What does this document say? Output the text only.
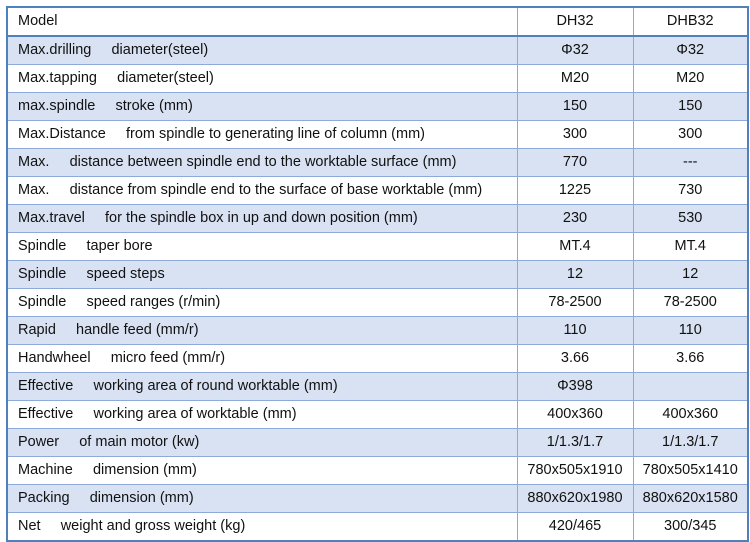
Model	DH32	DHB32
Max.drilling     diameter(steel)	Φ32	Φ32
Max.tapping     diameter(steel)	M20	M20
max.spindle     stroke (mm)	150	150
Max.Distance     from spindle to generating line of column (mm)	300	300
Max.     distance between spindle end to the worktable surface (mm)	770	---
Max.     distance from spindle end to the surface of base worktable (mm)	1225	730
Max.travel     for the spindle box in up and down position (mm)	230	530
Spindle     taper bore	MT.4	MT.4
Spindle     speed steps	12	12
Spindle     speed ranges (r/min)	78-2500	78-2500
Rapid     handle feed (mm/r)	110	110
Handwheel     micro feed (mm/r)	3.66	3.66
Effective     working area of round worktable (mm)	Φ398	
Effective     working area of worktable (mm)	400x360	400x360
Power     of main motor (kw)	1/1.3/1.7	1/1.3/1.7
Machine     dimension (mm)	780x505x1910	780x505x1410
Packing     dimension (mm)	880x620x1980	880x620x1580
Net     weight and gross weight (kg)	420/465	300/345
